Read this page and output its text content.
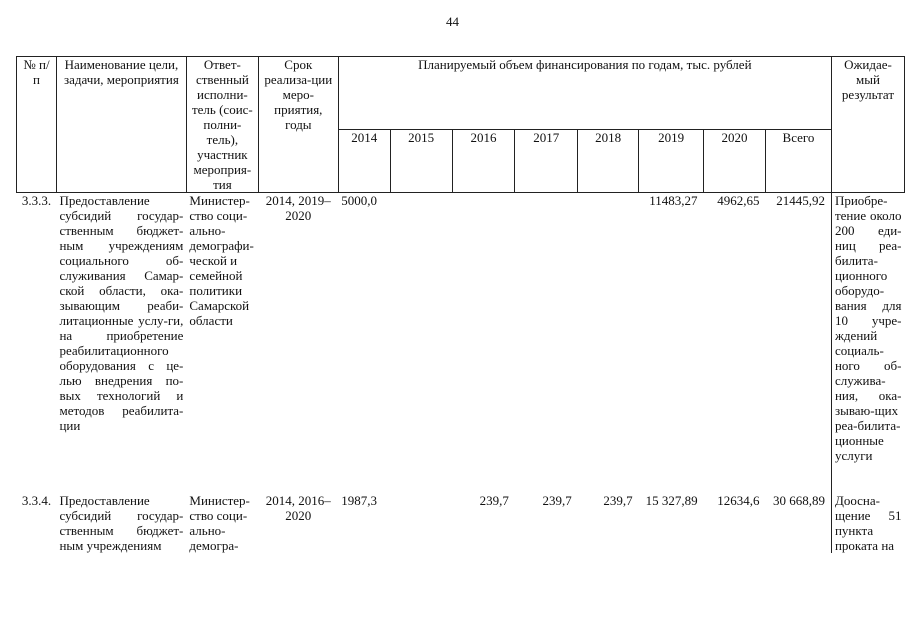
44
№ п/п	Наименование цели, задачи, мероприятия	Ответ-ственный исполни-тель (соис-полни-тель), участник мероприя-тия	Срок реализа-ции меро-приятия, годы	Планируемый объем финансирования по годам, тыс. рублей								Ожидае-мый результат
				2014	2015	2016	2017	2018	2019	2020	Всего	
3.3.3.	Предоставление субсидий государ-ственным бюджет-ным учреждениям социального об-служивания Самар-ской области, ока-зывающим реаби-литационные услу-ги, на приобретение реабилитационного оборудования с це-лью внедрения по-вых технологий и методов реабилита-ции	Министер-ство соци-ально-демографи-ческой и семейной политики Самарской области	2014, 2019–2020	5000,0					11483,27	4962,65	21445,92	Приобре-тение около 200 еди-ниц реа-билита-ционного оборудо-вания для 10 учре-ждений социаль-ного об-служива-ния, ока-зываю-щих реа-билита-ционные услуги
3.3.4.	Предоставление субсидий государ-ственным бюджет-ным учреждениям	Министер-ство соци-ально-демогра-	2014, 2016–2020	1987,3		239,7	239,7	239,7	15 327,89	12634,6	30 668,89	Доосна-щение 51 пункта проката на
